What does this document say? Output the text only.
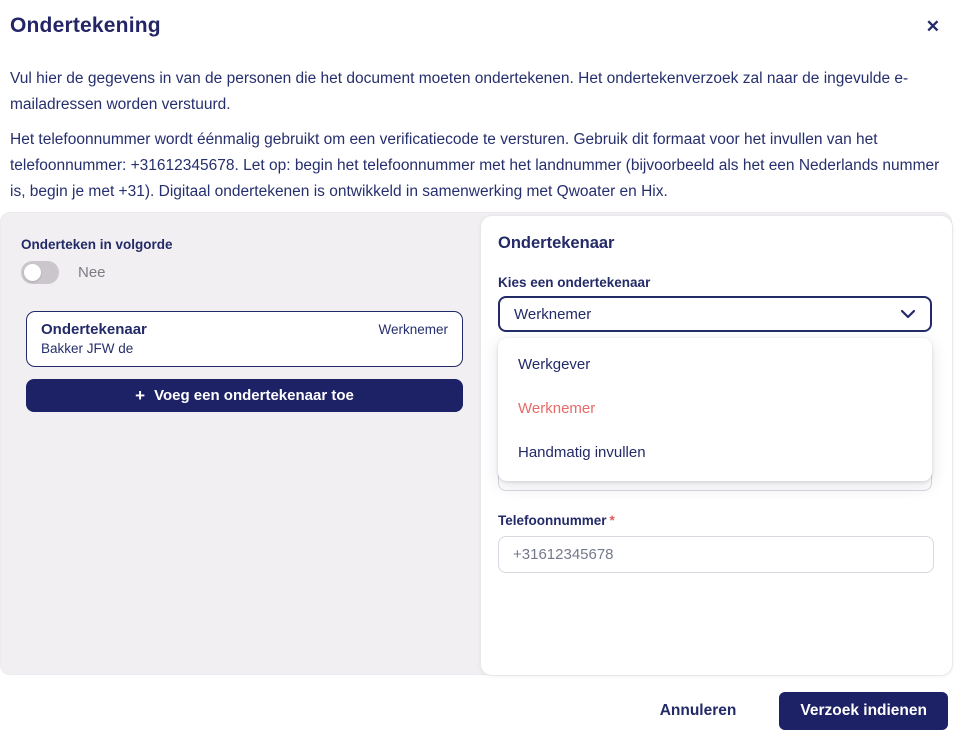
Ondertekening	✕

Vul hier de gegevens in van de personen die het document moeten ondertekenen. Het ondertekenverzoek zal naar de ingevulde e-mailadressen worden verstuurd.

Het telefoonnummer wordt éénmalig gebruikt om een verificatiecode te versturen. Gebruik dit formaat voor het invullen van het telefoonnummer: +31612345678. Let op: begin het telefoonnummer met het landnummer (bijvoorbeeld als het een Nederlands nummer is, begin je met +31). Digitaal ondertekenen is ontwikkeld in samenwerking met Qwoater en Hix.

Onderteken in volgorde
Nee
Ondertekenaar	Werknemer
Bakker JFW de
+ Voeg een ondertekenaar toe
Ondertekenaar
Kies een ondertekenaar
Werknemer
Werkgever
Werknemer
Handmatig invullen
Telefoonnummer *
+31612345678
Annuleren	Verzoek indienen
